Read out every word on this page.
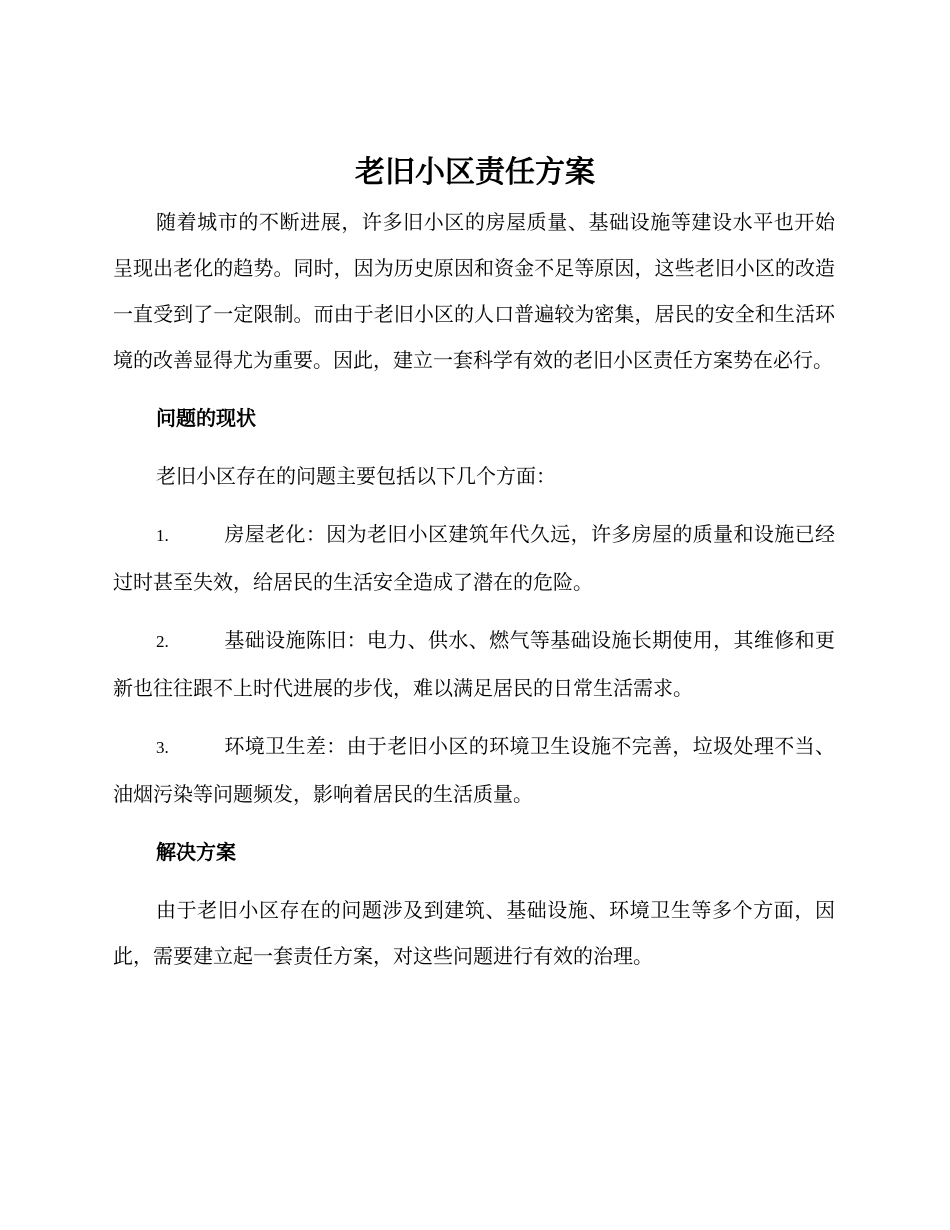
老旧小区责任方案

随着城市的不断进展，许多旧小区的房屋质量、基础设施等建设水平也开始呈现出老化的趋势。同时，因为历史原因和资金不足等原因，这些老旧小区的改造一直受到了一定限制。而由于老旧小区的人口普遍较为密集，居民的安全和生活环境的改善显得尤为重要。因此，建立一套科学有效的老旧小区责任方案势在必行。

问题的现状

老旧小区存在的问题主要包括以下几个方面：

1.	房屋老化：因为老旧小区建筑年代久远，许多房屋的质量和设施已经过时甚至失效，给居民的生活安全造成了潜在的危险。

2.	基础设施陈旧：电力、供水、燃气等基础设施长期使用，其维修和更新也往往跟不上时代进展的步伐，难以满足居民的日常生活需求。

3.	环境卫生差：由于老旧小区的环境卫生设施不完善，垃圾处理不当、油烟污染等问题频发，影响着居民的生活质量。

解决方案

由于老旧小区存在的问题涉及到建筑、基础设施、环境卫生等多个方面，因此，需要建立起一套责任方案，对这些问题进行有效的治理。
